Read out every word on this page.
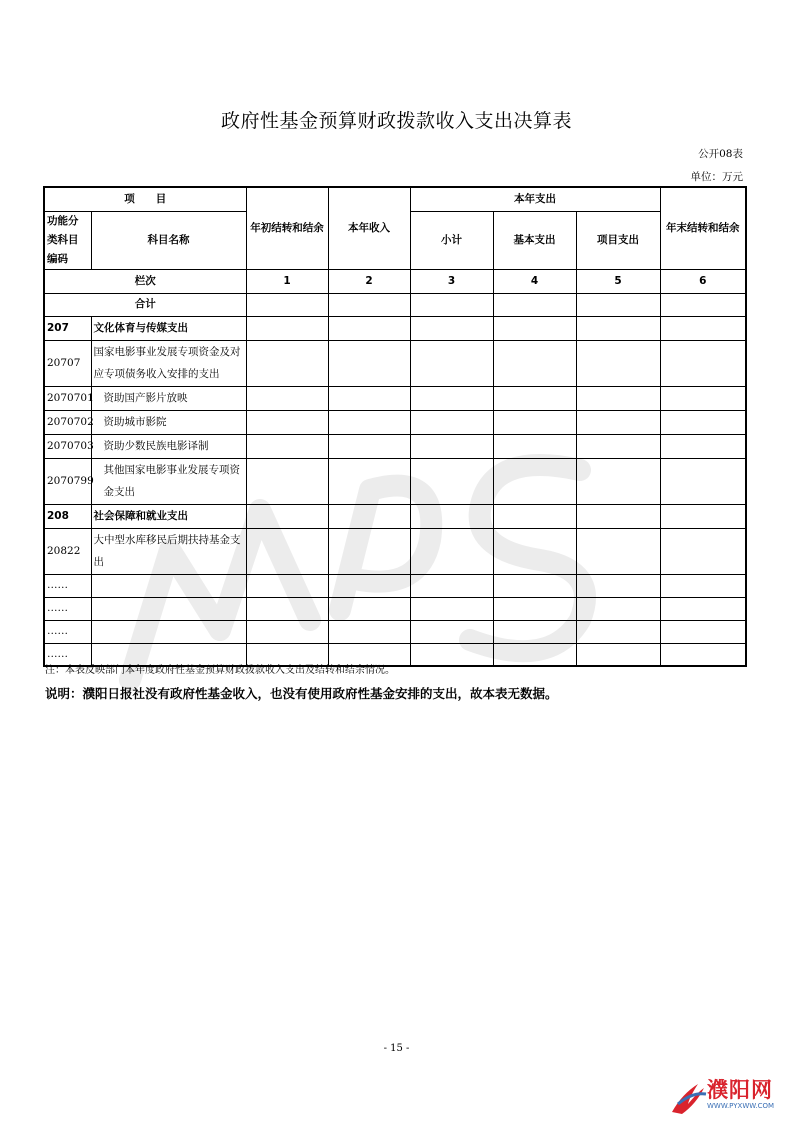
WPS
政府性基金预算财政拨款收入支出决算表
公开08表
单位：万元
项　　目		年初结转和结余	本年收入	本年支出			年末结转和结余
功能分类科目编码	科目名称			小计	基本支出	项目支出	

栏次		1	2	3	4	5	6
合计							
207	文化体育与传媒支出						
20707	国家电影事业发展专项资金及对应专项债务收入安排的支出						
2070701	资助国产影片放映						
2070702	资助城市影院						
2070703	资助少数民族电影译制						
2070799	其他国家电影事业发展专项资金支出						
208	社会保障和就业支出						
20822	大中型水库移民后期扶持基金支出						
……							
……							
……							
……							
注：本表反映部门本年度政府性基金预算财政拨款收入支出及结转和结余情况。
说明：濮阳日报社没有政府性基金收入，也没有使用政府性基金安排的支出，故本表无数据。
- 15 -
濮阳网
WWW.PYXWW.COM
